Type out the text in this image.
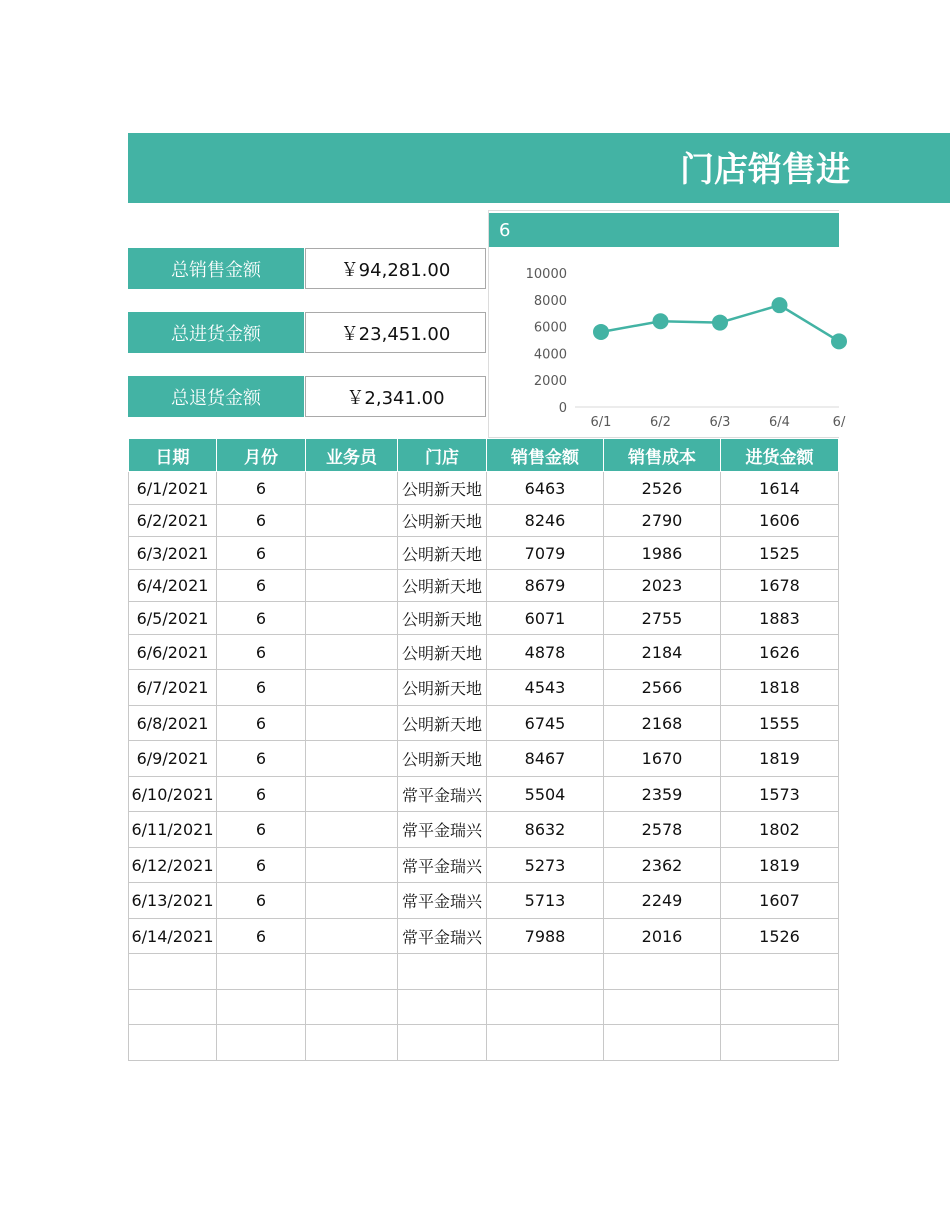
门店销售进
总销售金额	￥94,281.00
总进货金额	￥23,451.00
总退货金额	￥2,341.00
6
10000
8000
6000
4000
2000
0
6/1	6/2	6/3	6/4	6/
日期	月份	业务员	门店	销售金额	销售成本	进货金额
6/1/2021	6		公明新天地	6463	2526	1614
6/2/2021	6		公明新天地	8246	2790	1606
6/3/2021	6		公明新天地	7079	1986	1525
6/4/2021	6		公明新天地	8679	2023	1678
6/5/2021	6		公明新天地	6071	2755	1883
6/6/2021	6		公明新天地	4878	2184	1626
6/7/2021	6		公明新天地	4543	2566	1818
6/8/2021	6		公明新天地	6745	2168	1555
6/9/2021	6		公明新天地	8467	1670	1819
6/10/2021	6		常平金瑞兴	5504	2359	1573
6/11/2021	6		常平金瑞兴	8632	2578	1802
6/12/2021	6		常平金瑞兴	5273	2362	1819
6/13/2021	6		常平金瑞兴	5713	2249	1607
6/14/2021	6		常平金瑞兴	7988	2016	1526
